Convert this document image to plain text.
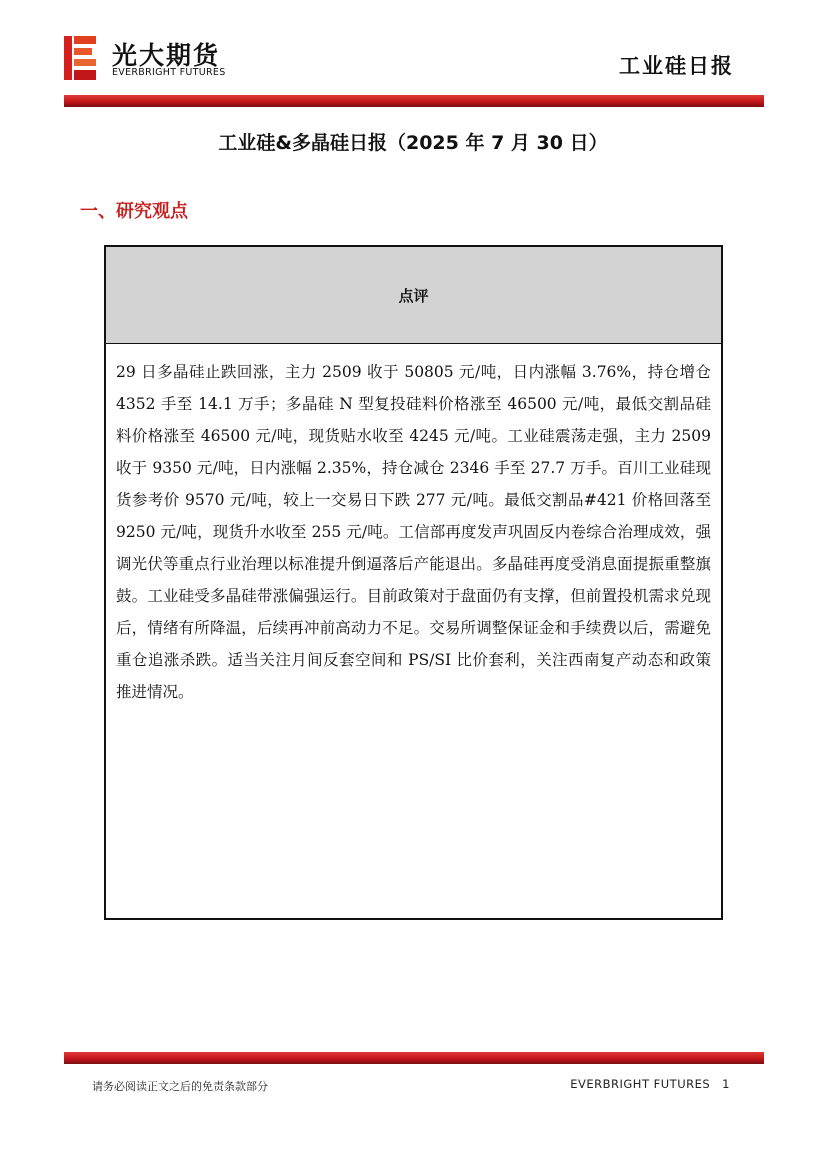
光大期货
EVERBRIGHT FUTURES	工业硅日报
工业硅&多晶硅日报（2025 年 7 月 30 日）
一、研究观点
点评

29 日多晶硅止跌回涨，主力 2509 收于 50805 元/吨，日内涨幅 3.76%，持仓增仓 4352 手至 14.1 万手；多晶硅 N 型复投硅料价格涨至 46500 元/吨，最低交割品硅料价格涨至 46500 元/吨，现货贴水收至 4245 元/吨。工业硅震荡走强，主力 2509 收于 9350 元/吨，日内涨幅 2.35%，持仓减仓 2346 手至 27.7 万手。百川工业硅现货参考价 9570 元/吨，较上一交易日下跌 277 元/吨。最低交割品#421 价格回落至 9250 元/吨，现货升水收至 255 元/吨。工信部再度发声巩固反内卷综合治理成效，强调光伏等重点行业治理以标准提升倒逼落后产能退出。多晶硅再度受消息面提振重整旗鼓。工业硅受多晶硅带涨偏强运行。目前政策对于盘面仍有支撑，但前置投机需求兑现后，情绪有所降温，后续再冲前高动力不足。交易所调整保证金和手续费以后，需避免重仓追涨杀跌。适当关注月间反套空间和 PS/SI 比价套利，关注西南复产动态和政策推进情况。

请务必阅读正文之后的免责条款部分	EVERBRIGHT FUTURES 1
